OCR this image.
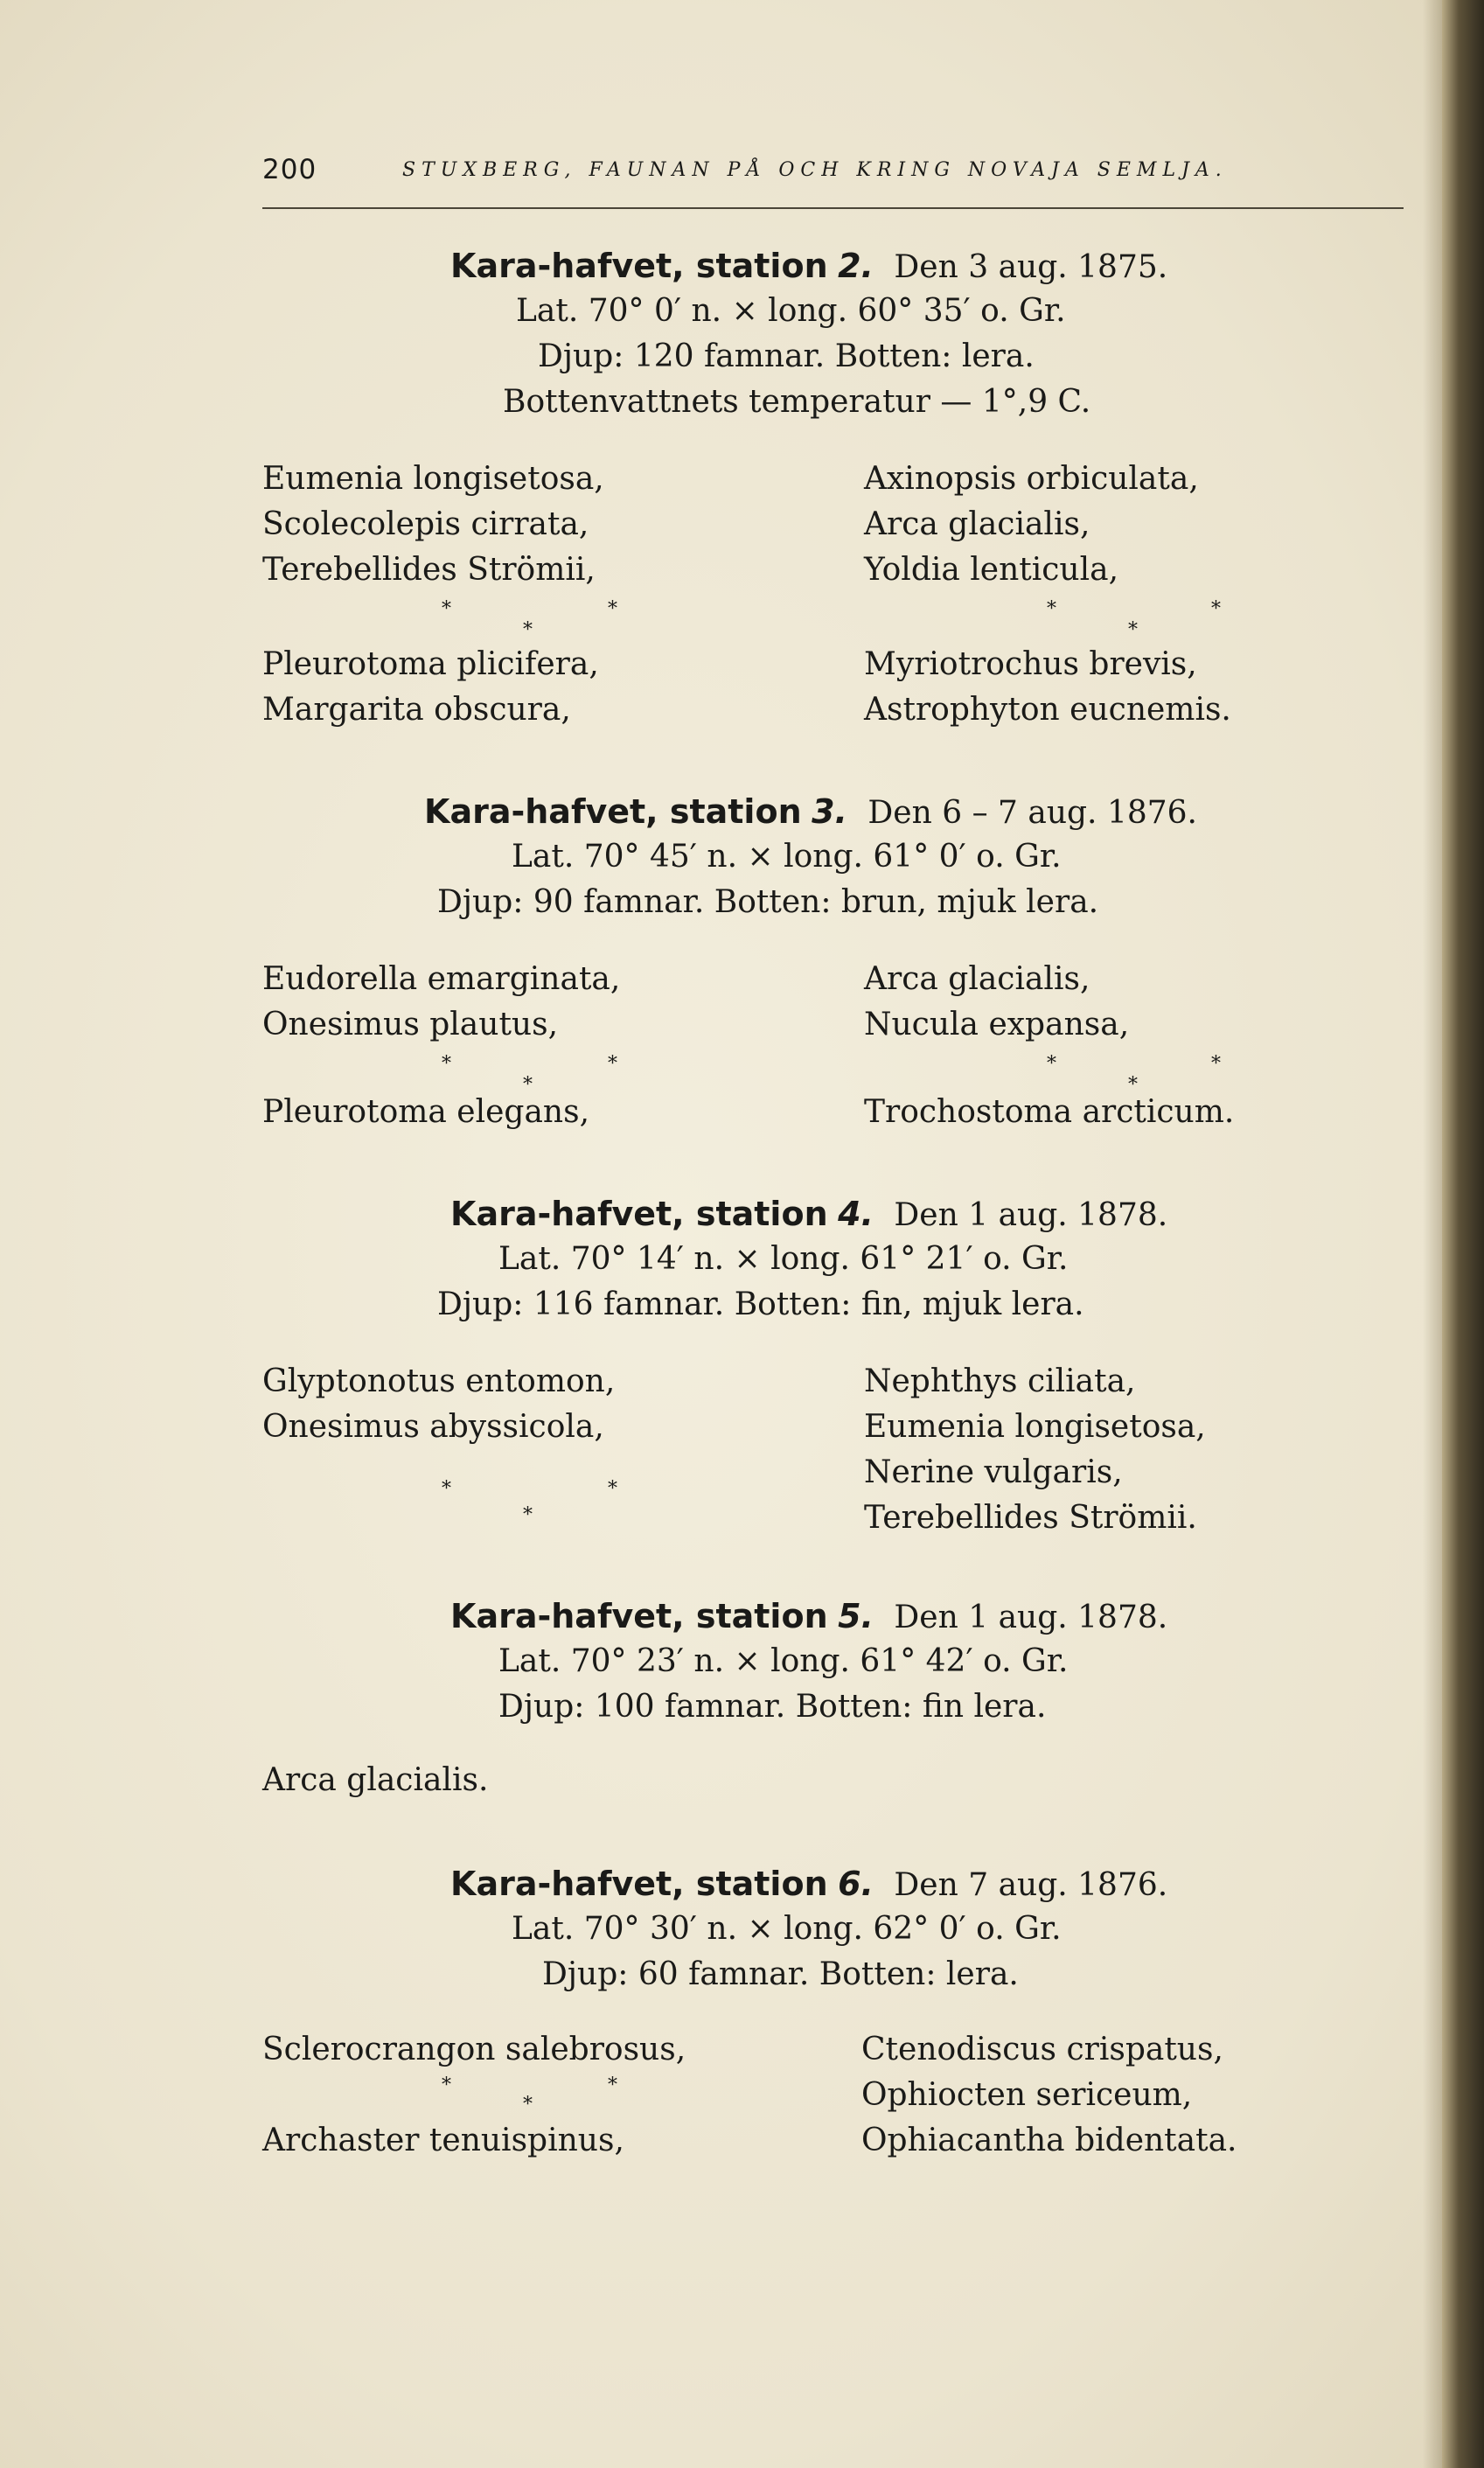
200	STUXBERG, FAUNAN PÅ OCH KRING NOVAJA SEMLJA.
Kara-hafvet, station 2. Den 3 aug. 1875.
Lat. 70° 0′ n. × long. 60° 35′ o. Gr.
Djup: 120 famnar. Botten: lera.
Bottenvattnets temperatur — 1°,9 C.
Eumenia longisetosa,
Scolecolepis cirrata,
Terebellides Strömii,
*	*
*
Pleurotoma plicifera,
Margarita obscura,
Axinopsis orbiculata,
Arca glacialis,
Yoldia lenticula,
*	*
*
Myriotrochus brevis,
Astrophyton eucnemis.
Kara-hafvet, station 3. Den 6 – 7 aug. 1876.
Lat. 70° 45′ n. × long. 61° 0′ o. Gr.
Djup: 90 famnar. Botten: brun, mjuk lera.
Eudorella emarginata,
Onesimus plautus,
*	*
*
Pleurotoma elegans,
Arca glacialis,
Nucula expansa,
*	*
*
Trochostoma arcticum.
Kara-hafvet, station 4. Den 1 aug. 1878.
Lat. 70° 14′ n. × long. 61° 21′ o. Gr.
Djup: 116 famnar. Botten: fin, mjuk lera.
Glyptonotus entomon,
Onesimus abyssicola,
*	*
*
Nephthys ciliata,
Eumenia longisetosa,
Nerine vulgaris,
Terebellides Strömii.
Kara-hafvet, station 5. Den 1 aug. 1878.
Lat. 70° 23′ n. × long. 61° 42′ o. Gr.
Djup: 100 famnar. Botten: fin lera.
Arca glacialis.
Kara-hafvet, station 6. Den 7 aug. 1876.
Lat. 70° 30′ n. × long. 62° 0′ o. Gr.
Djup: 60 famnar. Botten: lera.
Sclerocrangon salebrosus,
*	*
*
Archaster tenuispinus,
Ctenodiscus crispatus,
Ophiocten sericeum,
Ophiacantha bidentata.
